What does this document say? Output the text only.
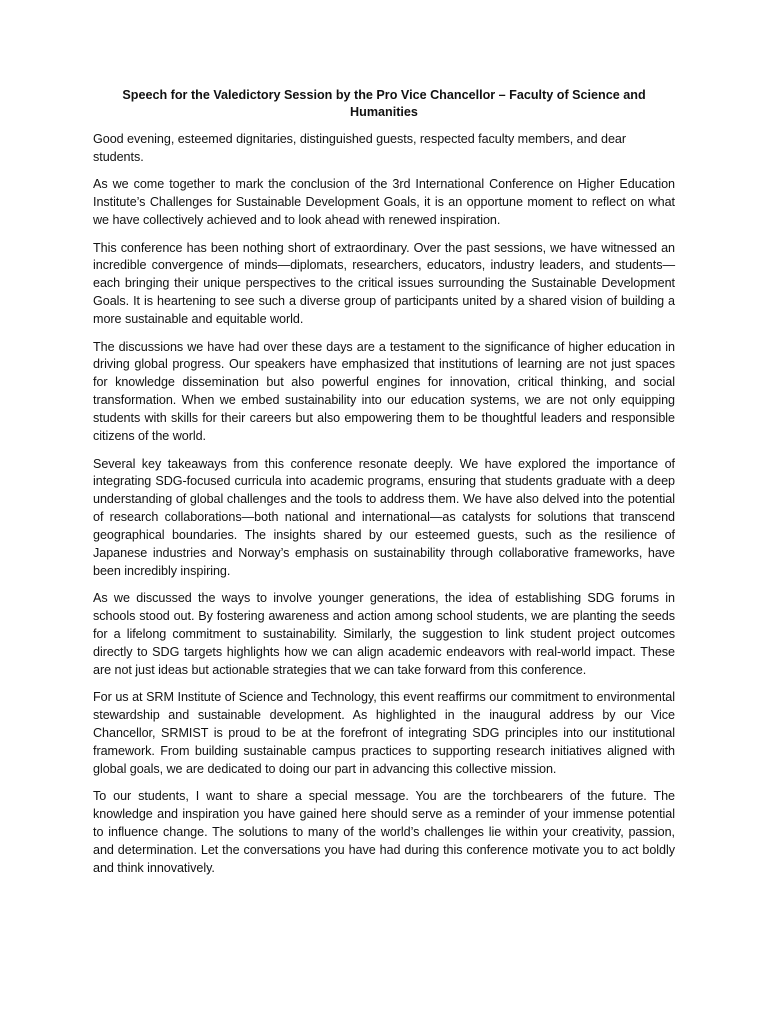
Speech for the Valedictory Session by the Pro Vice Chancellor – Faculty of Science and Humanities

Good evening, esteemed dignitaries, distinguished guests, respected faculty members, and dear students.

As we come together to mark the conclusion of the 3rd International Conference on Higher Education Institute’s Challenges for Sustainable Development Goals, it is an opportune moment to reflect on what we have collectively achieved and to look ahead with renewed inspiration.

This conference has been nothing short of extraordinary. Over the past sessions, we have witnessed an incredible convergence of minds—diplomats, researchers, educators, industry leaders, and students—each bringing their unique perspectives to the critical issues surrounding the Sustainable Development Goals. It is heartening to see such a diverse group of participants united by a shared vision of building a more sustainable and equitable world.

The discussions we have had over these days are a testament to the significance of higher education in driving global progress. Our speakers have emphasized that institutions of learning are not just spaces for knowledge dissemination but also powerful engines for innovation, critical thinking, and social transformation. When we embed sustainability into our education systems, we are not only equipping students with skills for their careers but also empowering them to be thoughtful leaders and responsible citizens of the world.

Several key takeaways from this conference resonate deeply. We have explored the importance of integrating SDG-focused curricula into academic programs, ensuring that students graduate with a deep understanding of global challenges and the tools to address them. We have also delved into the potential of research collaborations—both national and international—as catalysts for solutions that transcend geographical boundaries. The insights shared by our esteemed guests, such as the resilience of Japanese industries and Norway’s emphasis on sustainability through collaborative frameworks, have been incredibly inspiring.

As we discussed the ways to involve younger generations, the idea of establishing SDG forums in schools stood out. By fostering awareness and action among school students, we are planting the seeds for a lifelong commitment to sustainability. Similarly, the suggestion to link student project outcomes directly to SDG targets highlights how we can align academic endeavors with real-world impact. These are not just ideas but actionable strategies that we can take forward from this conference.

For us at SRM Institute of Science and Technology, this event reaffirms our commitment to environmental stewardship and sustainable development. As highlighted in the inaugural address by our Vice Chancellor, SRMIST is proud to be at the forefront of integrating SDG principles into our institutional framework. From building sustainable campus practices to supporting research initiatives aligned with global goals, we are dedicated to doing our part in advancing this collective mission.

To our students, I want to share a special message. You are the torchbearers of the future. The knowledge and inspiration you have gained here should serve as a reminder of your immense potential to influence change. The solutions to many of the world’s challenges lie within your creativity, passion, and determination. Let the conversations you have had during this conference motivate you to act boldly and think innovatively.
